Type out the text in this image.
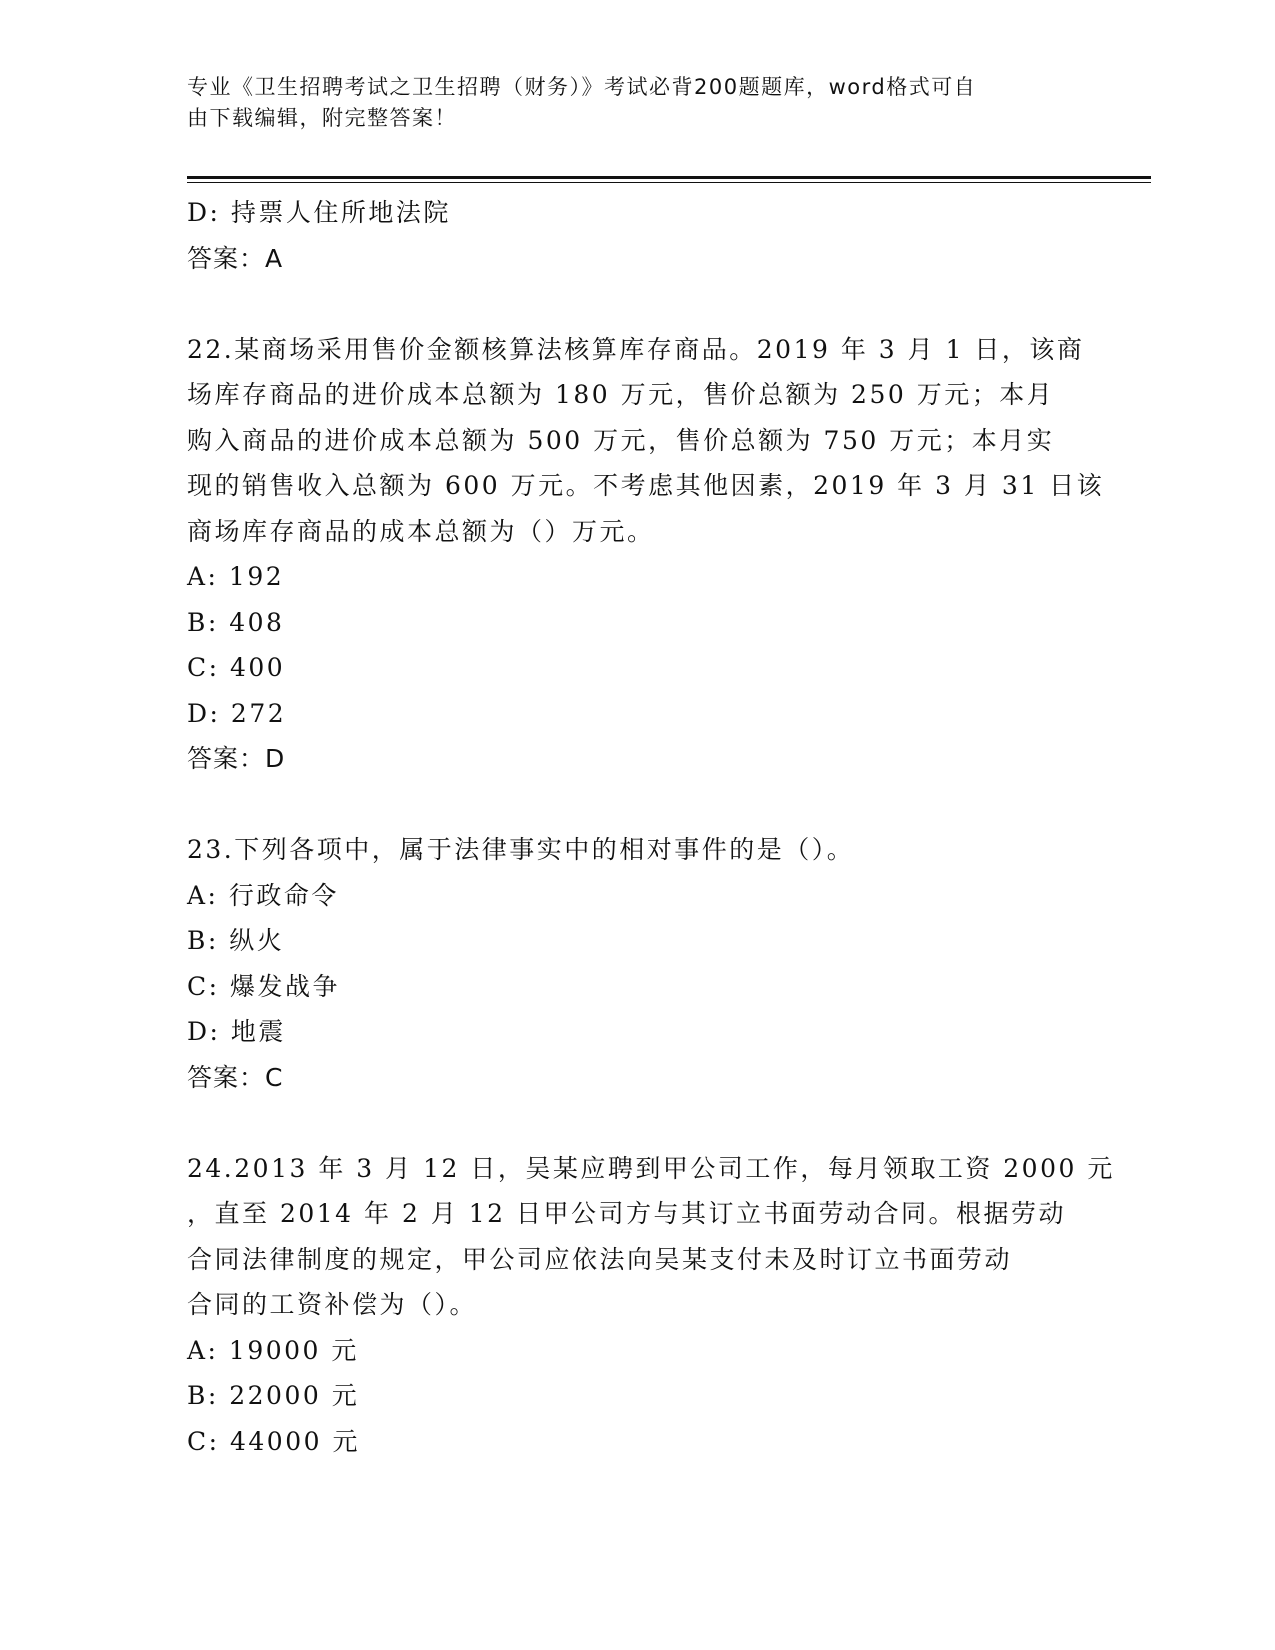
专业《卫生招聘考试之卫生招聘（财务）》考试必背200题题库，word格式可自

由下载编辑，附完整答案！

D: 持票人住所地法院

答案：A

22.某商场采用售价金额核算法核算库存商品。2019 年 3 月 1 日，该商

场库存商品的进价成本总额为 180 万元，售价总额为 250 万元；本月

购入商品的进价成本总额为 500 万元，售价总额为 750 万元；本月实

现的销售收入总额为 600 万元。不考虑其他因素，2019 年 3 月 31 日该

商场库存商品的成本总额为（）万元。

A: 192

B: 408

C: 400

D: 272

答案：D

23.下列各项中，属于法律事实中的相对事件的是（）。

A: 行政命令

B: 纵火

C: 爆发战争

D: 地震

答案：C

24.2013 年 3 月 12 日，吴某应聘到甲公司工作，每月领取工资 2000 元

，直至 2014 年 2 月 12 日甲公司方与其订立书面劳动合同。根据劳动

合同法律制度的规定，甲公司应依法向吴某支付未及时订立书面劳动

合同的工资补偿为（）。

A: 19000 元

B: 22000 元

C: 44000 元
